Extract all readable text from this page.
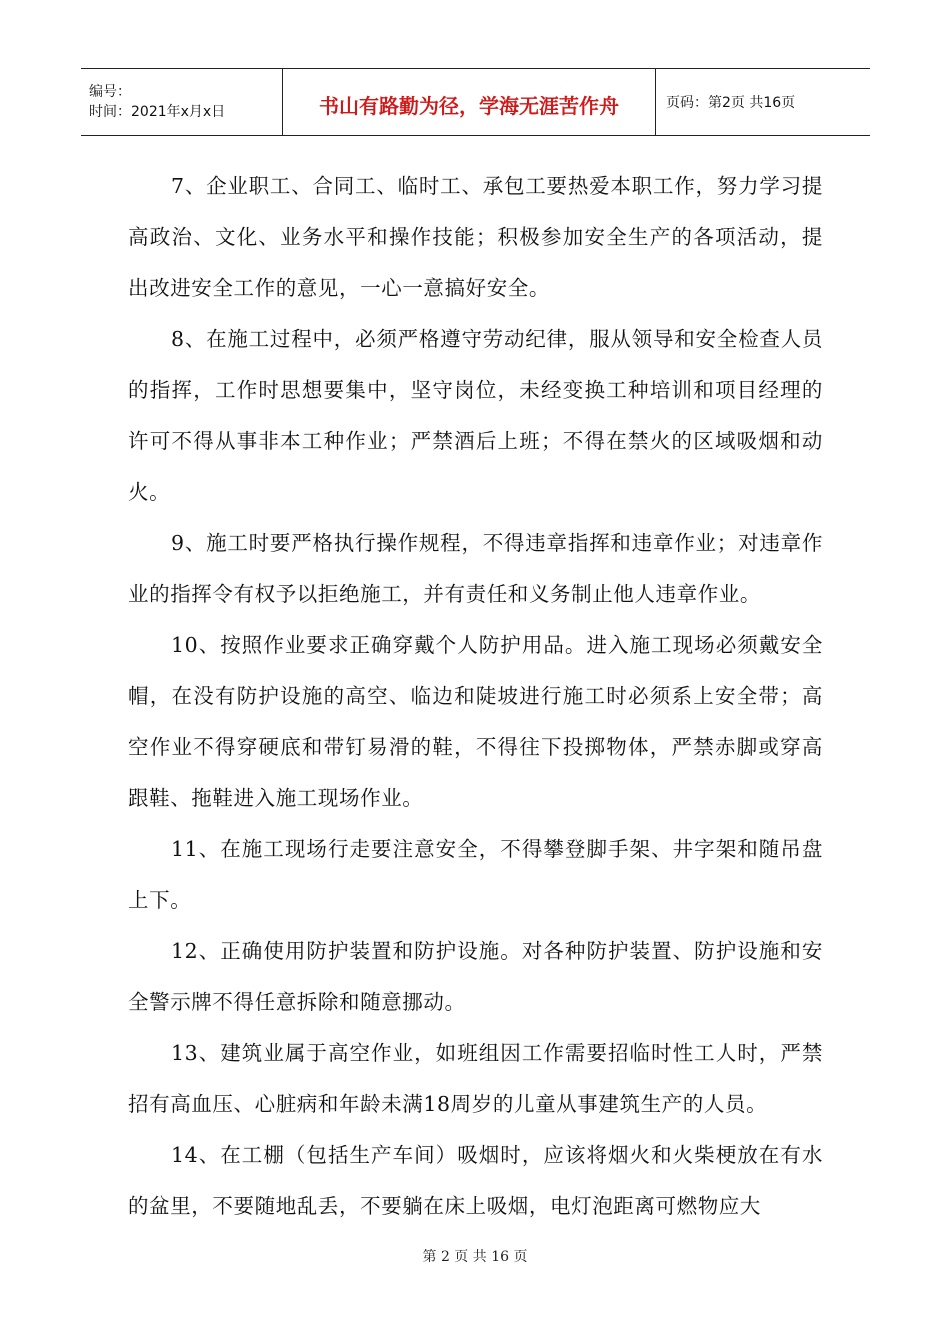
编号：
时间：2021年x月x日	书山有路勤为径，学海无涯苦作舟	页码：第2页 共16页

7、企业职工、合同工、临时工、承包工要热爱本职工作，努力学习提高政治、文化、业务水平和操作技能；积极参加安全生产的各项活动，提出改进安全工作的意见，一心一意搞好安全。

8、在施工过程中，必须严格遵守劳动纪律，服从领导和安全检查人员的指挥，工作时思想要集中，坚守岗位，未经变换工种培训和项目经理的许可不得从事非本工种作业；严禁酒后上班；不得在禁火的区域吸烟和动火。

9、施工时要严格执行操作规程，不得违章指挥和违章作业；对违章作业的指挥令有权予以拒绝施工，并有责任和义务制止他人违章作业。

10、按照作业要求正确穿戴个人防护用品。进入施工现场必须戴安全帽，在没有防护设施的高空、临边和陡坡进行施工时必须系上安全带；高空作业不得穿硬底和带钉易滑的鞋，不得往下投掷物体，严禁赤脚或穿高跟鞋、拖鞋进入施工现场作业。

11、在施工现场行走要注意安全，不得攀登脚手架、井字架和随吊盘上下。

12、正确使用防护装置和防护设施。对各种防护装置、防护设施和安全警示牌不得任意拆除和随意挪动。

13、建筑业属于高空作业，如班组因工作需要招临时性工人时，严禁招有高血压、心脏病和年龄未满18周岁的儿童从事建筑生产的人员。

14、在工棚（包括生产车间）吸烟时，应该将烟火和火柴梗放在有水的盆里，不要随地乱丢，不要躺在床上吸烟，电灯泡距离可燃物应大

第 2 页 共 16 页
